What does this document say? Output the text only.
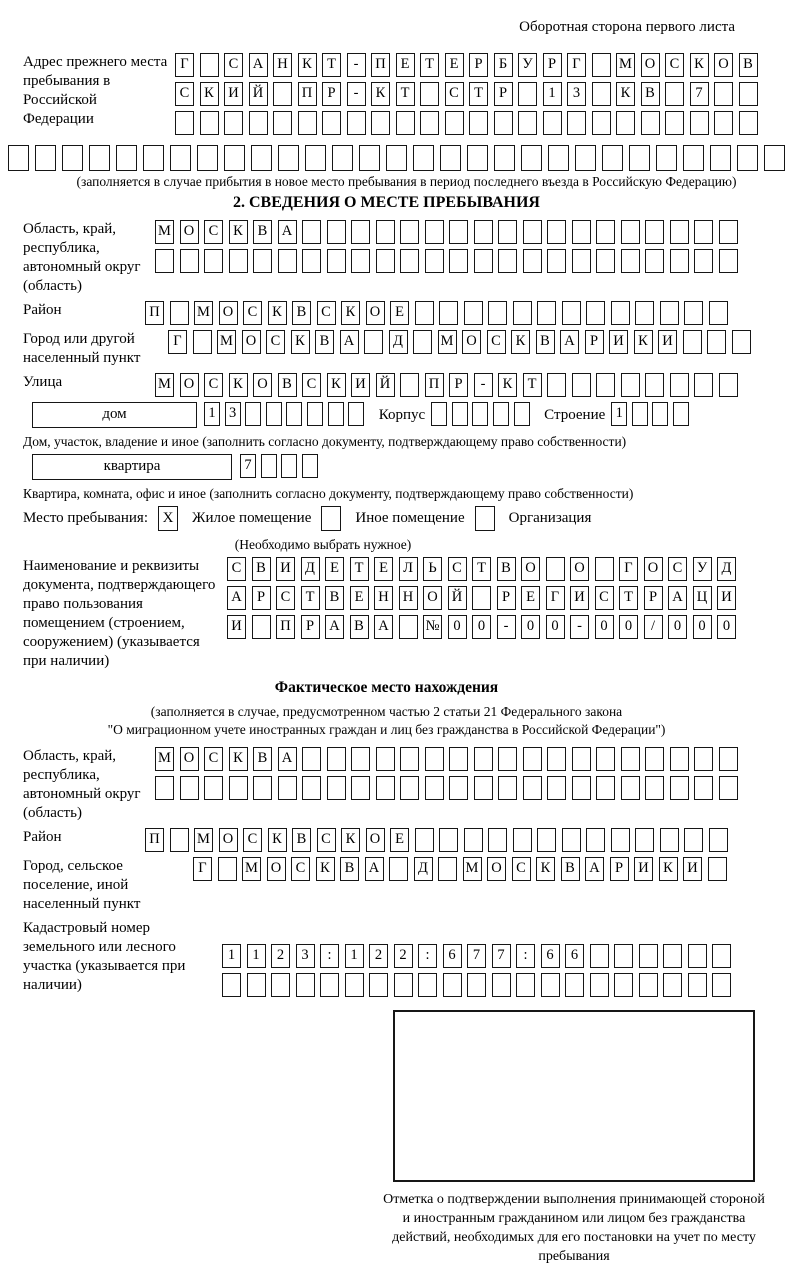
Оборотная сторона первого листа
Адрес прежнего места пребывания в Российской Федерации
Г	С А Н К Т - П Е Т Е Р Б У Р Г	М О С К О В
С К И Й	П Р - К Т	С Т Р	1 3	К В	7
(заполняется в случае прибытия в новое место пребывания в период последнего въезда в Российскую Федерацию)
2. СВЕДЕНИЯ О МЕСТЕ ПРЕБЫВАНИЯ
Область, край, республика, автономный округ (область)
М О С К В А
Район	П	М О С К В С К О Е
Город или другой населенный пункт
Г	М О С К В А	Д	М О С К В А Р И К И
Улица	М О С К О В С К И Й	П Р - К Т
дом	1 3	Корпус	Строение 1
Дом, участок, владение и иное (заполнить согласно документу, подтверждающему право собственности)
квартира	7
Квартира, комната, офис и иное (заполнить согласно документу, подтверждающему право собственности)
Место пребывания: X	Жилое помещение	Иное помещение	Организация
(Необходимо выбрать нужное)
Наименование и реквизиты документа, подтверждающего право пользования помещением (строением, сооружением) (указывается при наличии)
С В И Д Е Т Е Л Ь С Т В О	О	Г О С У Д
А Р С Т В Е Н Н О Й	Р Е Г И С Т Р А Ц И
И	П Р А В А	№ 0 0 - 0 0 - 0 0 / 0 0 0
Фактическое место нахождения
(заполняется в случае, предусмотренном частью 2 статьи 21 Федерального закона
"О миграционном учете иностранных граждан и лиц без гражданства в Российской Федерации")
Область, край, республика, автономный округ (область)
М О С К В А
Район	П	М О С К В С К О Е
Город, сельское поселение, иной населенный пункт
Г	М О С К В А	Д	М О С К В А Р И К И
Кадастровый номер земельного или лесного участка (указывается при наличии)
1 1 2 3 : 1 2 2 : 6 7 7 : 6 6
Отметка о подтверждении выполнения принимающей стороной и иностранным гражданином или лицом без гражданства действий, необходимых для его постановки на учет по месту пребывания
